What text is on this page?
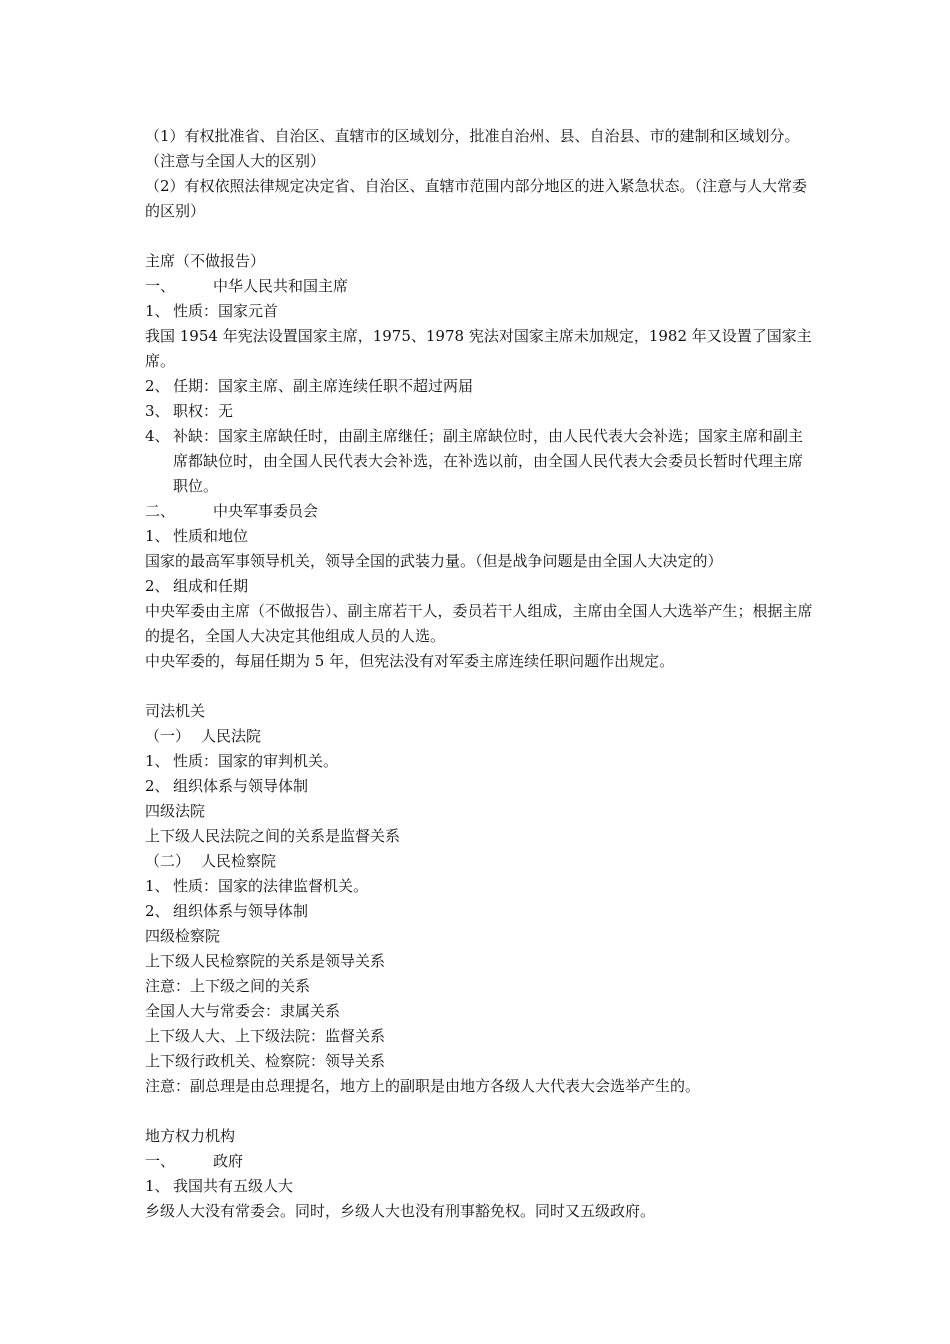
（1）有权批准省、自治区、直辖市的区域划分，批准自治州、县、自治县、市的建制和区域划分。（注意与全国人大的区别）
（2）有权依照法律规定决定省、自治区、直辖市范围内部分地区的进入紧急状态。（注意与人大常委的区别）
主席（不做报告）
一、	中华人民共和国主席
1、 性质：国家元首
我国 1954 年宪法设置国家主席，1975、1978 宪法对国家主席未加规定，1982 年又设置了国家主席。
2、 任期：国家主席、副主席连续任职不超过两届
3、 职权：无
4、 补缺：国家主席缺任时，由副主席继任；副主席缺位时，由人民代表大会补选；国家主席和副主席都缺位时，由全国人民代表大会补选，在补选以前，由全国人民代表大会委员长暂时代理主席职位。
二、	中央军事委员会
1、 性质和地位
国家的最高军事领导机关，领导全国的武装力量。（但是战争问题是由全国人大决定的）
2、 组成和任期
中央军委由主席（不做报告）、副主席若干人，委员若干人组成，主席由全国人大选举产生；根据主席的提名，全国人大决定其他组成人员的人选。
中央军委的，每届任期为 5 年，但宪法没有对军委主席连续任职问题作出规定。
司法机关
（一） 人民法院
1、 性质：国家的审判机关。
2、 组织体系与领导体制
四级法院
上下级人民法院之间的关系是监督关系
（二） 人民检察院
1、 性质：国家的法律监督机关。
2、 组织体系与领导体制
四级检察院
上下级人民检察院的关系是领导关系
注意：上下级之间的关系
全国人大与常委会：隶属关系
上下级人大、上下级法院：监督关系
上下级行政机关、检察院：领导关系
注意：副总理是由总理提名，地方上的副职是由地方各级人大代表大会选举产生的。
地方权力机构
一、	政府
1、 我国共有五级人大
乡级人大没有常委会。同时，乡级人大也没有刑事豁免权。同时又五级政府。
